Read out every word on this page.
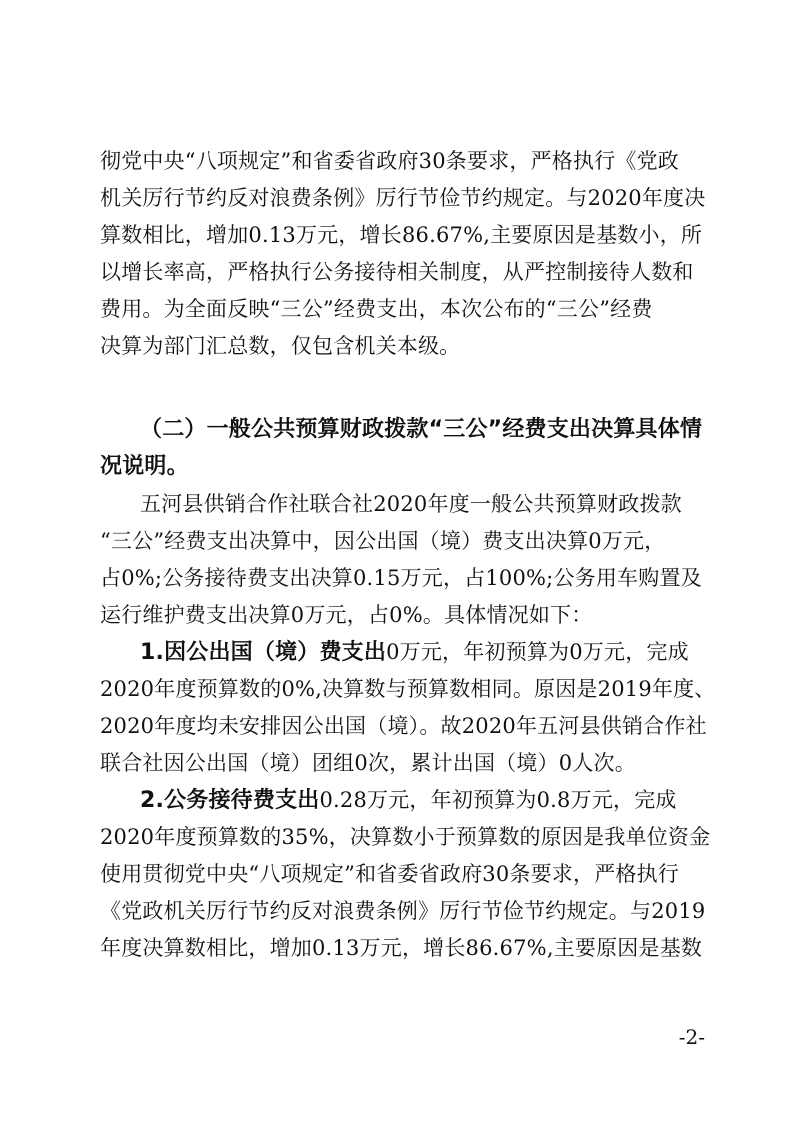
彻党中央“八项规定”和省委省政府30条要求，严格执行《党政
机关厉行节约反对浪费条例》厉行节俭节约规定。与2020年度决
算数相比，增加0.13万元，增长86.67%,主要原因是基数小，所
以增长率高，严格执行公务接待相关制度，从严控制接待人数和
费用。为全面反映“三公”经费支出，本次公布的“三公”经费
决算为部门汇总数，仅包含机关本级。
（二）一般公共预算财政拨款“三公”经费支出决算具体情
况说明。
五河县供销合作社联合社2020年度一般公共预算财政拨款
“三公”经费支出决算中，因公出国（境）费支出决算0万元，
占0%;公务接待费支出决算0.15万元，占100%;公务用车购置及
运行维护费支出决算0万元，占0%。具体情况如下：
1.因公出国（境）费支出0万元，年初预算为0万元，完成
2020年度预算数的0%,决算数与预算数相同。原因是2019年度、
2020年度均未安排因公出国（境）。故2020年五河县供销合作社
联合社因公出国（境）团组0次，累计出国（境）0人次。
2.公务接待费支出0.28万元，年初预算为0.8万元，完成
2020年度预算数的35%，决算数小于预算数的原因是我单位资金
使用贯彻党中央“八项规定”和省委省政府30条要求，严格执行
《党政机关厉行节约反对浪费条例》厉行节俭节约规定。与2019
年度决算数相比，增加0.13万元，增长86.67%,主要原因是基数
-2-
